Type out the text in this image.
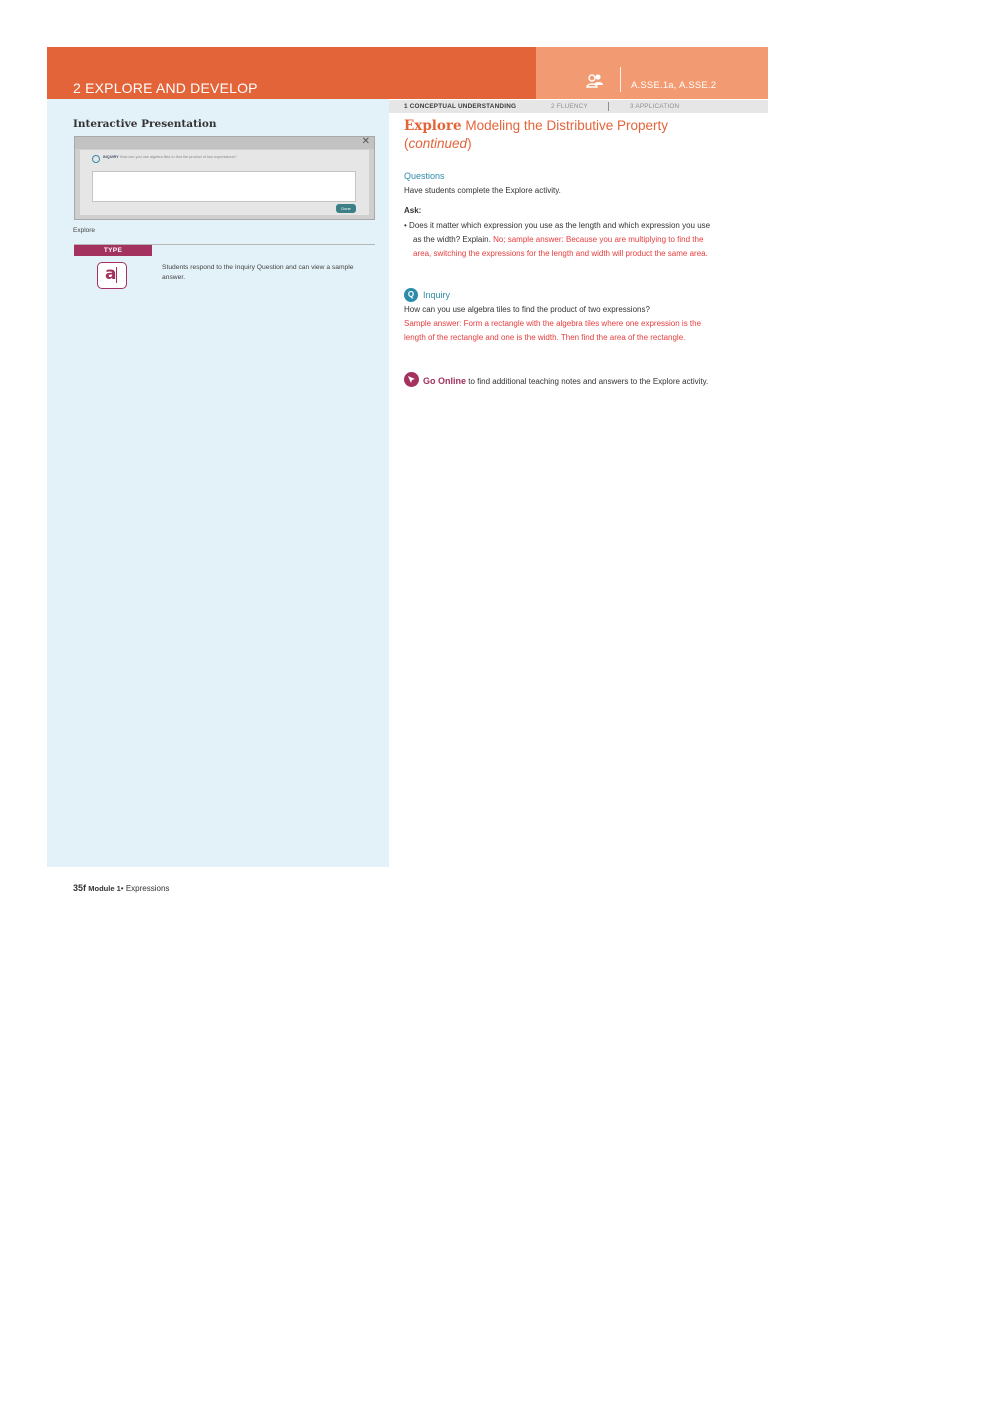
2 EXPLORE AND DEVELOP	A.SSE.1a, A.SSE.2
Interactive Presentation
✕
INQUIRY How can you use algebra tiles to find the product of two expressions?
Done
Explore
TYPE
a	Students respond to the Inquiry Question and can view a sample answer.
1 CONCEPTUAL UNDERSTANDING	2 FLUENCY	3 APPLICATION
Explore Modeling the Distributive Property
(continued)
Questions
Have students complete the Explore activity.
Ask:
• Does it matter which expression you use as the length and which expression you use as the width? Explain. No; sample answer: Because you are multiplying to find the area, switching the expressions for the length and width will product the same area.
Q Inquiry
How can you use algebra tiles to find the product of two expressions?
Sample answer: Form a rectangle with the algebra tiles where one expression is the length of the rectangle and one is the width. Then find the area of the rectangle.
Go Online to find additional teaching notes and answers to the Explore activity.
35f Module 1• Expressions
